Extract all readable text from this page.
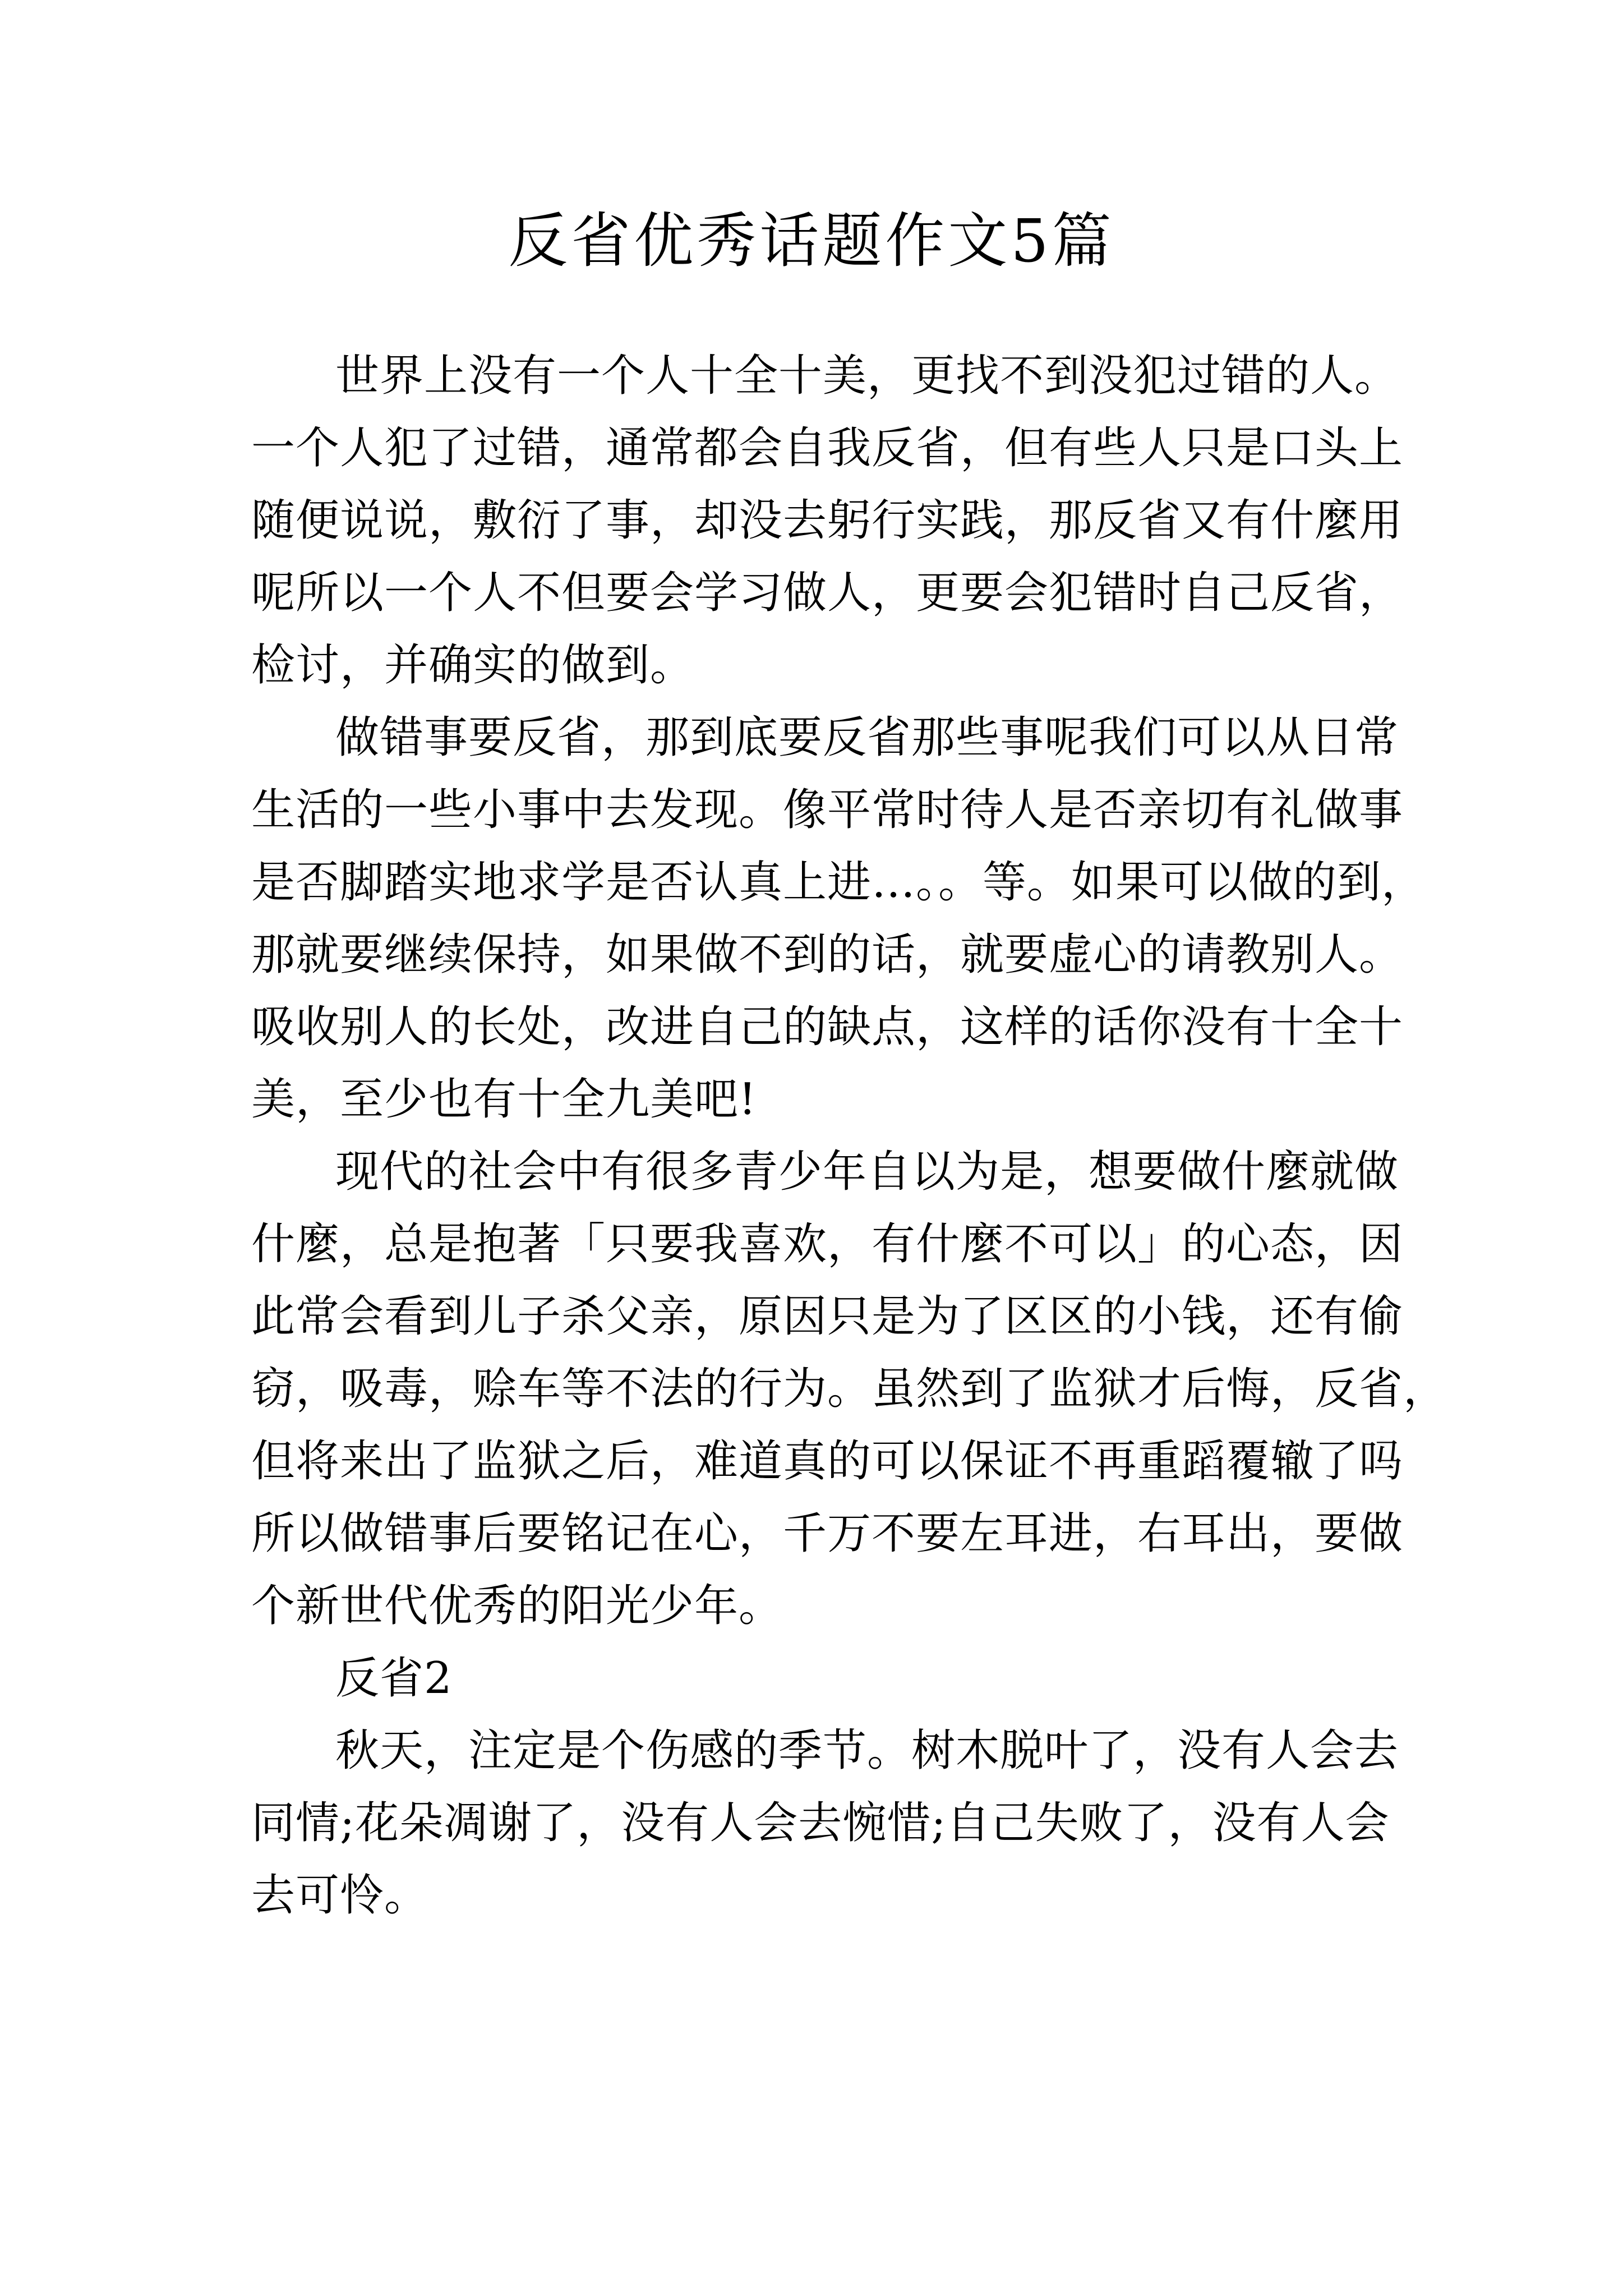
反省优秀话题作文5篇
世界上没有一个人十全十美，更找不到没犯过错的人。
一个人犯了过错，通常都会自我反省，但有些人只是口头上
随便说说，敷衍了事，却没去躬行实践，那反省又有什麼用
呢所以一个人不但要会学习做人，更要会犯错时自己反省，
检讨，并确实的做到。
做错事要反省，那到底要反省那些事呢我们可以从日常
生活的一些小事中去发现。像平常时待人是否亲切有礼做事
是否脚踏实地求学是否认真上进…。。等。如果可以做的到，
那就要继续保持，如果做不到的话，就要虚心的请教别人。
吸收别人的长处，改进自己的缺点，这样的话你没有十全十
美，至少也有十全九美吧!
现代的社会中有很多青少年自以为是，想要做什麼就做
什麼，总是抱著「只要我喜欢，有什麼不可以」的心态，因
此常会看到儿子杀父亲，原因只是为了区区的小钱，还有偷
窃，吸毒，赊车等不法的行为。虽然到了监狱才后悔，反省，
但将来出了监狱之后，难道真的可以保证不再重蹈覆辙了吗
所以做错事后要铭记在心，千万不要左耳进，右耳出，要做
个新世代优秀的阳光少年。
反省2
秋天，注定是个伤感的季节。树木脱叶了，没有人会去
同情;花朵凋谢了，没有人会去惋惜;自己失败了，没有人会
去可怜。
